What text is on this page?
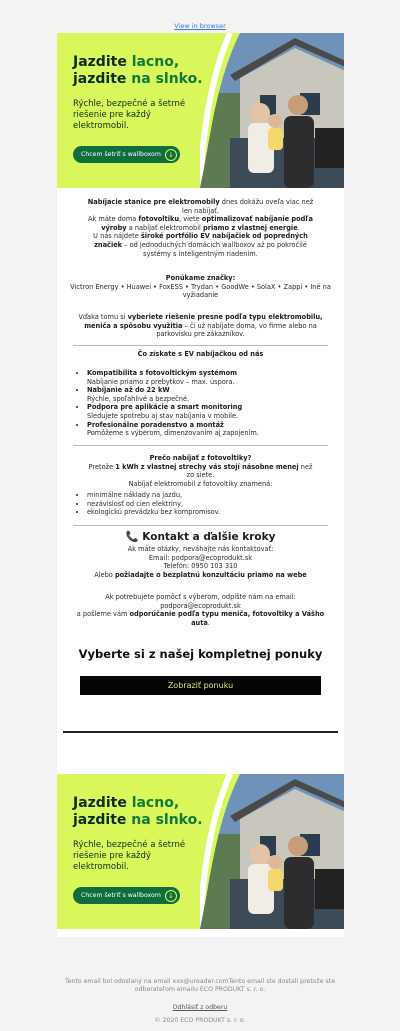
View in browser
Jazdite lacno,
jazdite na slnko.
Rýchle, bezpečné a šetrné riešenie pre každý elektromobil.
Chcem šetriť s wallboxom	↓
Nabíjacie stanice pre elektromobily dnes dokážu oveľa viac než len nabíjať.
Ak máte doma fotovoltiku, viete optimalizovať nabíjanie podľa výroby a nabíjať elektromobil priamo z vlastnej energie.
U nás nájdete široké portfólio EV nabíjačiek od popredných značiek – od jednoduchých domácich wallboxov až po pokročilé systémy s inteligentným riadením.
Ponúkame značky:

Victron Energy • Huawei • FoxESS • Trydan • GoodWe • SolaX • Zappi • Iné na vyžiadanie
Vďaka tomu si vyberiete riešenie presne podľa typu elektromobilu, meniča a spôsobu využitia – či už nabíjate doma, vo firme alebo na parkovisku pre zákazníkov.
Čo získate s EV nabíjačkou od nás
• Kompatibilita s fotovoltickým systémom
Nabíjanie priamo z prebytkov – max. úspora.
• Nabíjanie až do 22 kW
Rýchle, spoľahlivé a bezpečné.
• Podpora pre aplikácie a smart monitoring
Sledujete spotrebu aj stav nabíjania v mobile.
• Profesionálne poradenstvo a montáž
Pomôžeme s výberom, dimenzovaním aj zapojením.
Prečo nabíjať z fotovoltiky?

Pretože 1 kWh z vlastnej strechy vás stojí násobne menej než zo siete.
Nabíjať elektromobil z fotovoltiky znamená:
• minimálne náklady na jazdu,
• nezávislosť od cien elektriny,
• ekologickú prevádzku bez kompromisov.
📞 Kontakt a ďalšie kroky
Ak máte otázky, neváhajte nás kontaktovať:
Email: podpora@ecoprodukt.sk
Telefón: 0950 103 310
Alebo požiadajte o bezplatnú konzultáciu priamo na webe
Ak potrebujete pomôcť s výberom, odpíšte nám na email:
podpora@ecoprodukt.sk

a pošleme vám odporúčanie podľa typu meniča, fotovoltiky a Vášho auta.
Vyberte si z našej kompletnej ponuky
Zobraziť ponuku
Jazdite lacno,
jazdite na slnko.
Rýchle, bezpečné a šetrné riešenie pre každý elektromobil.
Chcem šetriť s wallboxom	↓
Tento email bol odoslaný na email xxx@ureader.comTento email ste dostali pretože ste odberateľom emailu ECO PRODUKT s. r. o.
Odhlásiť z odberu
© 2020 ECO PRODUKT s. r. o.
